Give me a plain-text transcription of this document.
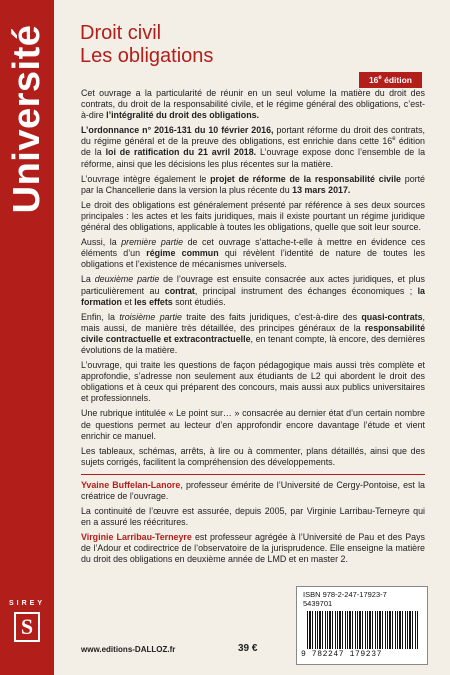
Université
SIREY
S
Droit civil
Les obligations
16e édition

Cet ouvrage a la particularité de réunir en un seul volume la matière du droit des contrats, du droit de la responsabilité civile, et le régime général des obligations, c’est-à-dire l’intégralité du droit des obligations.

L’ordonnance n° 2016-131 du 10 février 2016, portant réforme du droit des contrats, du régime général et de la preuve des obligations, est enrichie dans cette 16e édition de la loi de ratification du 21 avril 2018. L’ouvrage expose donc l’ensemble de la réforme, ainsi que les décisions les plus récentes sur la matière.

L’ouvrage intègre également le projet de réforme de la responsabilité civile porté par la Chancellerie dans la version la plus récente du 13 mars 2017.

Le droit des obligations est généralement présenté par référence à ses deux sources principales : les actes et les faits juridiques, mais il existe pourtant un régime juridique général des obligations, applicable à toutes les obligations, quelle que soit leur source.

Aussi, la première partie de cet ouvrage s’attache-t-elle à mettre en évidence ces éléments d’un régime commun qui révèlent l’identité de nature de toutes les obligations et l’existence de mécanismes universels.

La deuxième partie de l’ouvrage est ensuite consacrée aux actes juridiques, et plus particulièrement au contrat, principal instrument des échanges économiques ; la formation et les effets sont étudiés.

Enfin, la troisième partie traite des faits juridiques, c’est-à-dire des quasi-contrats, mais aussi, de manière très détaillée, des principes généraux de la responsabilité civile contractuelle et extracontractuelle, en tenant compte, là encore, des dernières évolutions de la matière.

L’ouvrage, qui traite les questions de façon pédagogique mais aussi très complète et approfondie, s’adresse non seulement aux étudiants de L2 qui abordent le droit des obligations et à ceux qui préparent des concours, mais aussi aux publics universitaires et professionnels.

Une rubrique intitulée « Le point sur… » consacrée au dernier état d’un certain nombre de questions permet au lecteur d’en approfondir encore davantage l’étude et vient enrichir ce manuel.

Les tableaux, schémas, arrêts, à lire ou à commenter, plans détaillés, ainsi que des sujets corrigés, facilitent la compréhension des développements.

Yvaine Buffelan-Lanore, professeur émérite de l’Université de Cergy-Pontoise, est la créatrice de l’ouvrage.

La continuité de l’œuvre est assurée, depuis 2005, par Virginie Larribau-Terneyre qui en a assuré les réécritures.

Virginie Larribau-Terneyre est professeur agrégée à l’Université de Pau et des Pays de l’Adour et codirectrice de l’observatoire de la jurisprudence. Elle enseigne la matière du droit des obligations en deuxième année de LMD et en master 2.

ISBN 978-2-247-17923-7
5439701
9 782247 179237
www.editions-DALLOZ.fr	39 €
